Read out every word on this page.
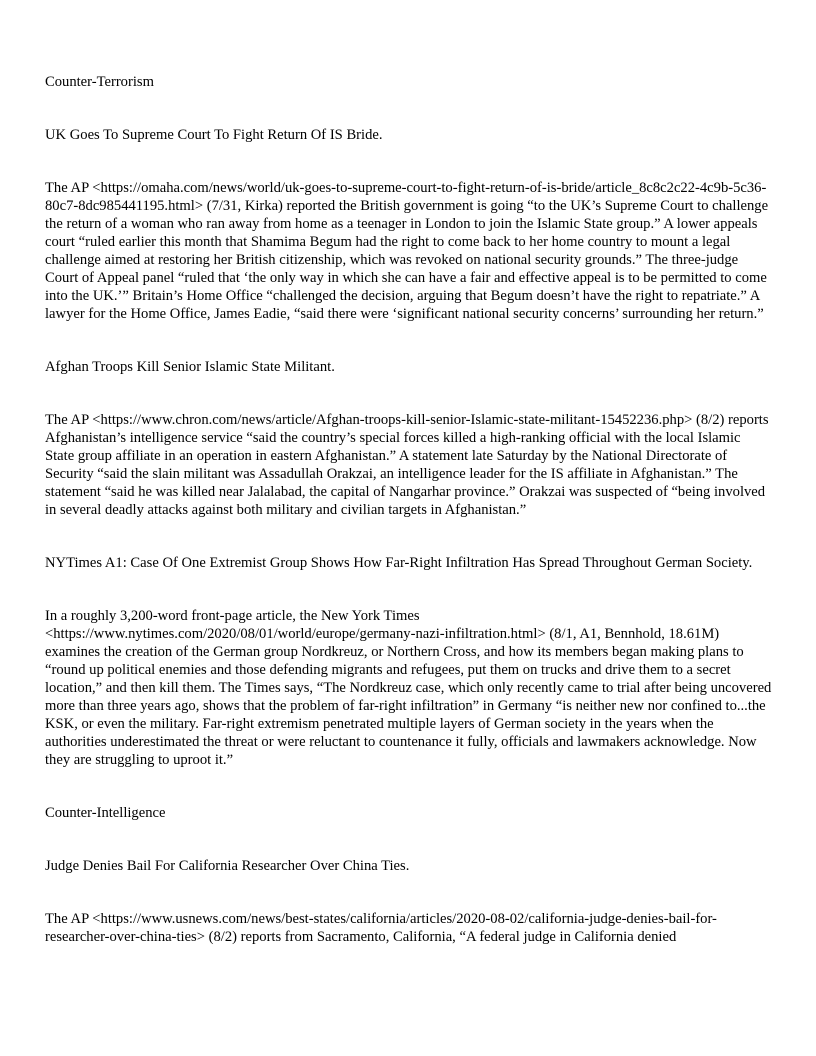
Counter-Terrorism

UK Goes To Supreme Court To Fight Return Of IS Bride.

The AP <https://omaha.com/news/world/uk-goes-to-supreme-court-to-fight-return-of-is-bride/article_8c8c2c22-4c9b-5c36-80c7-8dc985441195.html> (7/31, Kirka) reported the British government is going “to the UK’s Supreme Court to challenge the return of a woman who ran away from home as a teenager in London to join the Islamic State group.” A lower appeals court “ruled earlier this month that Shamima Begum had the right to come back to her home country to mount a legal challenge aimed at restoring her British citizenship, which was revoked on national security grounds.” The three-judge Court of Appeal panel “ruled that ‘the only way in which she can have a fair and effective appeal is to be permitted to come into the UK.’” Britain’s Home Office “challenged the decision, arguing that Begum doesn’t have the right to repatriate.” A lawyer for the Home Office, James Eadie, “said there were ‘significant national security concerns’ surrounding her return.”

Afghan Troops Kill Senior Islamic State Militant.

The AP <https://www.chron.com/news/article/Afghan-troops-kill-senior-Islamic-state-militant-15452236.php> (8/2) reports Afghanistan’s intelligence service “said the country’s special forces killed a high-ranking official with the local Islamic State group affiliate in an operation in eastern Afghanistan.” A statement late Saturday by the National Directorate of Security “said the slain militant was Assadullah Orakzai, an intelligence leader for the IS affiliate in Afghanistan.” The statement “said he was killed near Jalalabad, the capital of Nangarhar province.” Orakzai was suspected of “being involved in several deadly attacks against both military and civilian targets in Afghanistan.”

NYTimes A1: Case Of One Extremist Group Shows How Far-Right Infiltration Has Spread Throughout German Society.

In a roughly 3,200-word front-page article, the New York Times <https://www.nytimes.com/2020/08/01/world/europe/germany-nazi-infiltration.html> (8/1, A1, Bennhold, 18.61M) examines the creation of the German group Nordkreuz, or Northern Cross, and how its members began making plans to “round up political enemies and those defending migrants and refugees, put them on trucks and drive them to a secret location,” and then kill them. The Times says, “The Nordkreuz case, which only recently came to trial after being uncovered more than three years ago, shows that the problem of far-right infiltration” in Germany “is neither new nor confined to...the KSK, or even the military. Far-right extremism penetrated multiple layers of German society in the years when the authorities underestimated the threat or were reluctant to countenance it fully, officials and lawmakers acknowledge. Now they are struggling to uproot it.”

Counter-Intelligence

Judge Denies Bail For California Researcher Over China Ties.

The AP <https://www.usnews.com/news/best-states/california/articles/2020-08-02/california-judge-denies-bail-for-researcher-over-china-ties> (8/2) reports from Sacramento, California, “A federal judge in California denied
